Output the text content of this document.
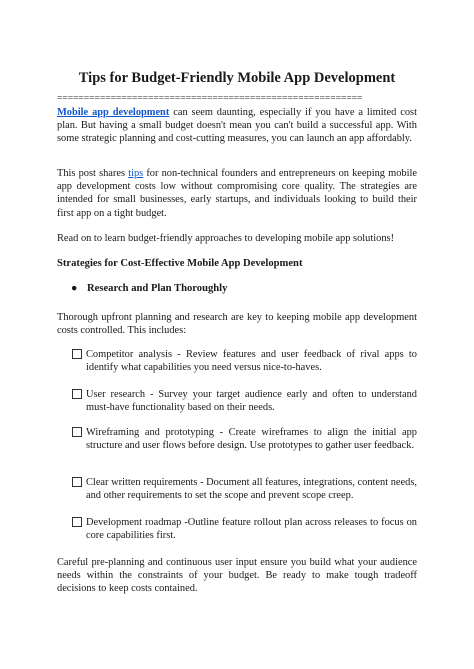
Tips for Budget-Friendly Mobile App Development
=========================================================

Mobile app development can seem daunting, especially if you have a limited cost plan. But having a small budget doesn't mean you can't build a successful app. With some strategic planning and cost-cutting measures, you can launch an app affordably.

This post shares tips for non-technical founders and entrepreneurs on keeping mobile app development costs low without compromising core quality. The strategies are intended for small businesses, early startups, and individuals looking to build their first app on a tight budget.

Read on to learn budget-friendly approaches to developing mobile app solutions!

Strategies for Cost-Effective Mobile App Development
● Research and Plan Thoroughly

Thorough upfront planning and research are key to keeping mobile app development costs controlled. This includes:

Competitor analysis - Review features and user feedback of rival apps to identify what capabilities you need versus nice-to-haves.

User research - Survey your target audience early and often to understand must-have functionality based on their needs.

Wireframing and prototyping - Create wireframes to align the initial app structure and user flows before design. Use prototypes to gather user feedback.

Clear written requirements - Document all features, integrations, content needs, and other requirements to set the scope and prevent scope creep.

Development roadmap -Outline feature rollout plan across releases to focus on core capabilities first.

Careful pre-planning and continuous user input ensure you build what your audience needs within the constraints of your budget. Be ready to make tough tradeoff decisions to keep costs contained.
